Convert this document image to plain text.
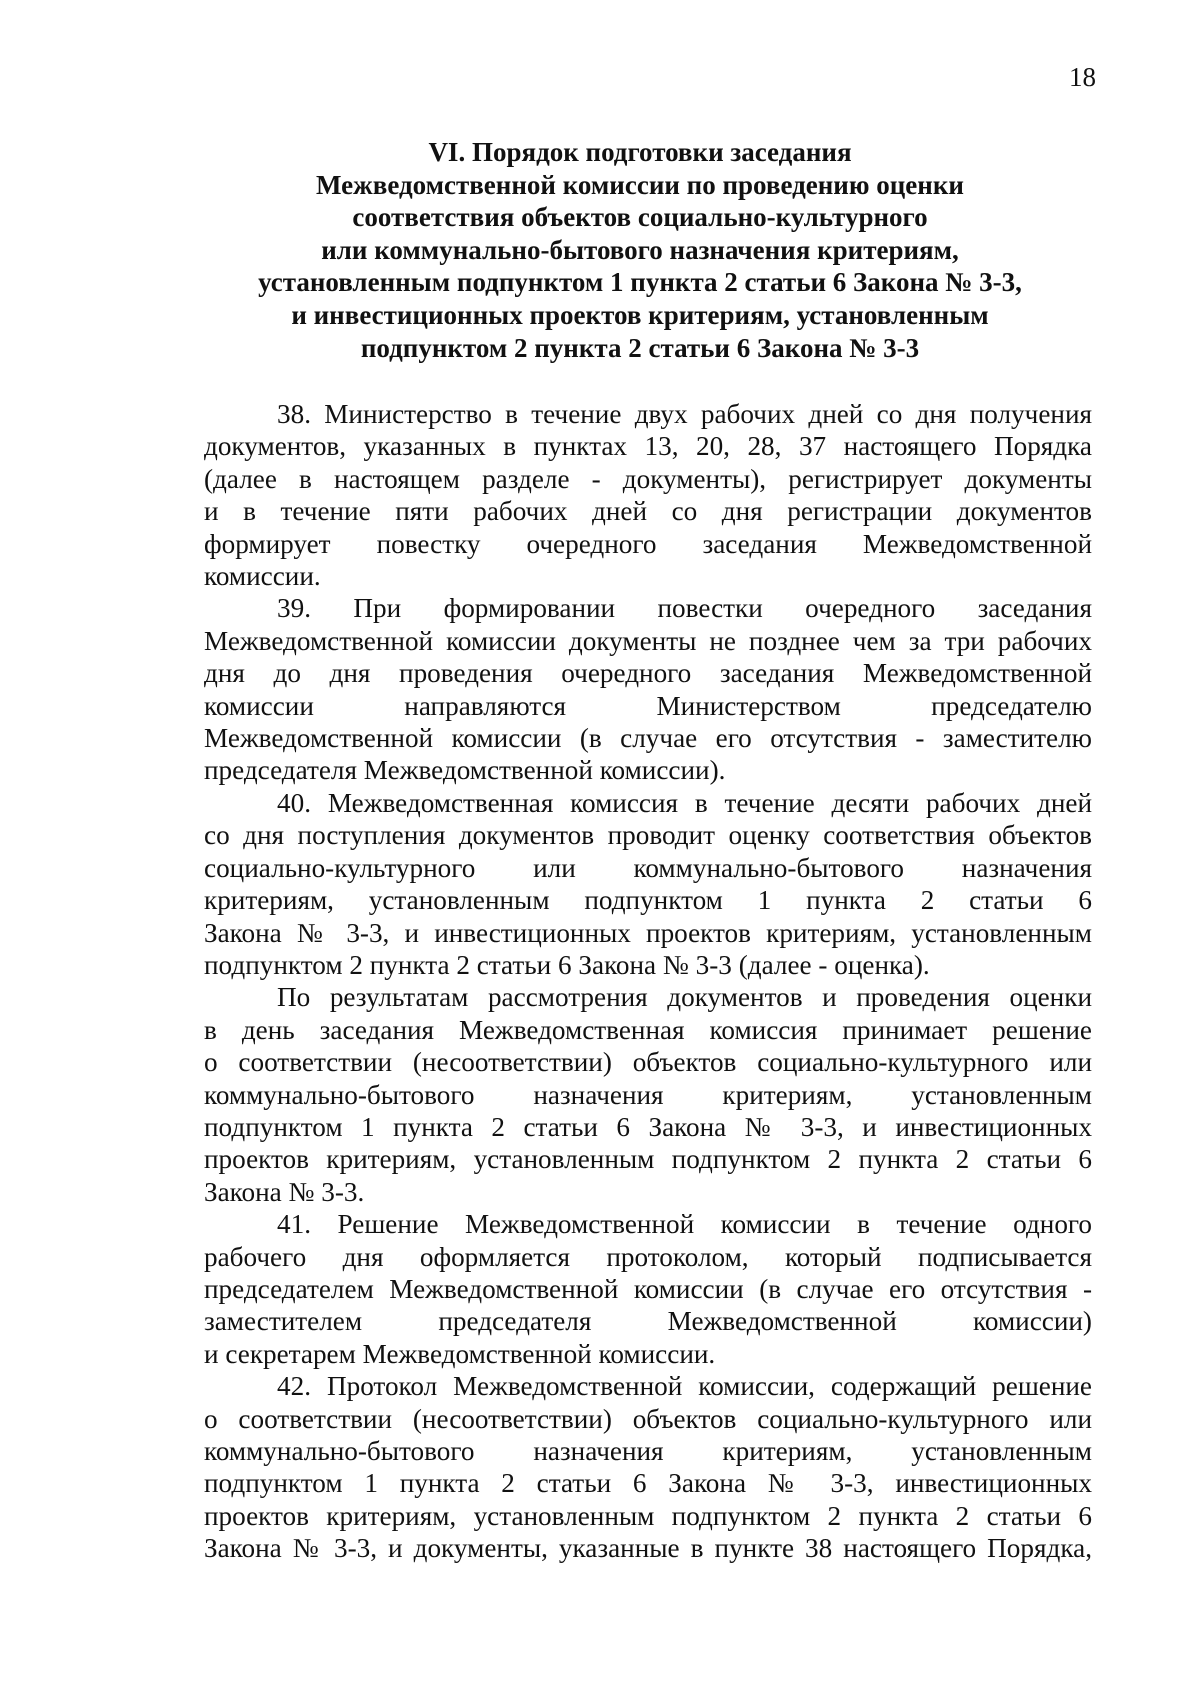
18
VI. Порядок подготовки заседания
Межведомственной комиссии по проведению оценки
соответствия объектов социально-культурного
или коммунально-бытового назначения критериям,
установленным подпунктом 1 пункта 2 статьи 6 Закона № 3-3,
и инвестиционных проектов критериям, установленным
подпунктом 2 пункта 2 статьи 6 Закона № 3-3
38. Министерство в течение двух рабочих дней со дня получения
документов, указанных в пунктах 13, 20, 28, 37 настоящего Порядка
(далее в настоящем разделе - документы), регистрирует документы
и в течение пяти рабочих дней со дня регистрации документов
формирует повестку очередного заседания Межведомственной
комиссии.
39. При формировании повестки очередного заседания
Межведомственной комиссии документы не позднее чем за три рабочих
дня до дня проведения очередного заседания Межведомственной
комиссии направляются Министерством председателю
Межведомственной комиссии (в случае его отсутствия - заместителю
председателя Межведомственной комиссии).
40. Межведомственная комиссия в течение десяти рабочих дней
со дня поступления документов проводит оценку соответствия объектов
социально-культурного или коммунально-бытового назначения
критериям, установленным подпунктом 1 пункта 2 статьи 6
Закона № 3-3, и инвестиционных проектов критериям, установленным
подпунктом 2 пункта 2 статьи 6 Закона № 3-3 (далее - оценка).
По результатам рассмотрения документов и проведения оценки
в день заседания Межведомственная комиссия принимает решение
о соответствии (несоответствии) объектов социально-культурного или
коммунально-бытового назначения критериям, установленным
подпунктом 1 пункта 2 статьи 6 Закона № 3-3, и инвестиционных
проектов критериям, установленным подпунктом 2 пункта 2 статьи 6
Закона № 3-3.
41. Решение Межведомственной комиссии в течение одного
рабочего дня оформляется протоколом, который подписывается
председателем Межведомственной комиссии (в случае его отсутствия -
заместителем председателя Межведомственной комиссии)
и секретарем Межведомственной комиссии.
42. Протокол Межведомственной комиссии, содержащий решение
о соответствии (несоответствии) объектов социально-культурного или
коммунально-бытового назначения критериям, установленным
подпунктом 1 пункта 2 статьи 6 Закона № 3-3, инвестиционных
проектов критериям, установленным подпунктом 2 пункта 2 статьи 6
Закона № 3-3, и документы, указанные в пункте 38 настоящего Порядка,
